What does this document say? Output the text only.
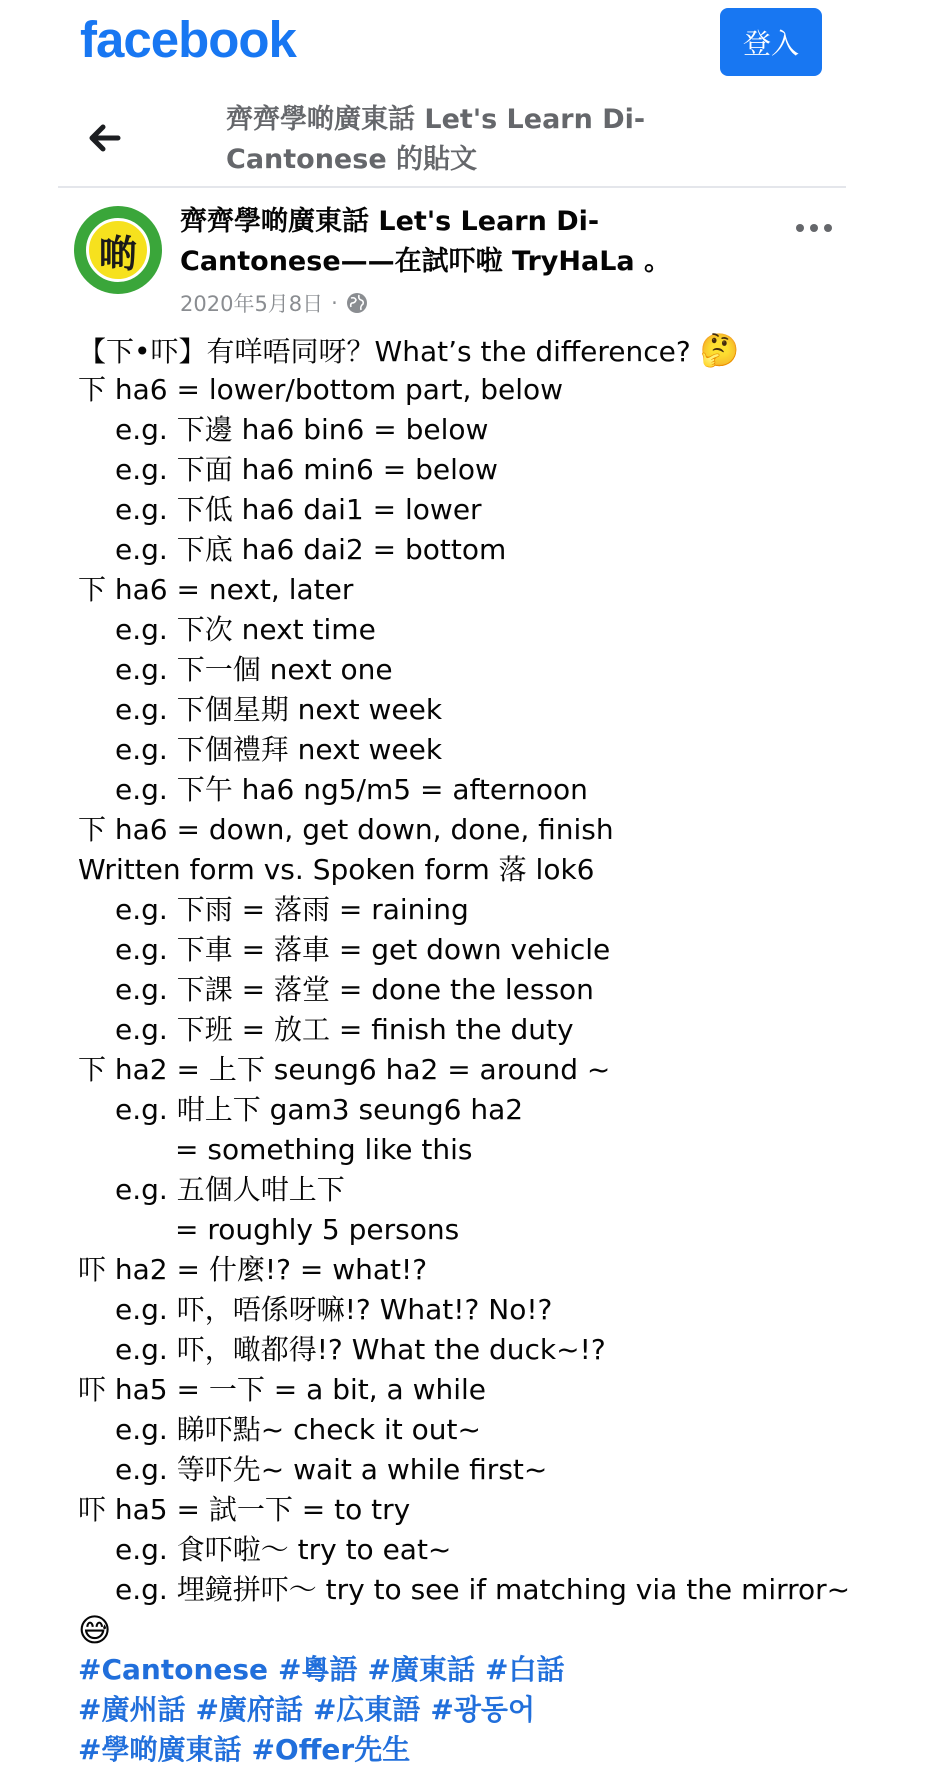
facebook	登入
齊齊學啲廣東話 Let's Learn Di-Cantonese 的貼文
啲
齊齊學啲廣東話 Let's Learn Di-Cantonese——在試吓啦 TryHaLa 。
2020年5月8日 ·
【下•吓】有咩唔同呀？What’s the difference? 🤔
下 ha6 = lower/bottom part, below
e.g. 下邊 ha6 bin6 = below
e.g. 下面 ha6 min6 = below
e.g. 下低 ha6 dai1 = lower
e.g. 下底 ha6 dai2 = bottom
下 ha6 = next, later
e.g. 下次 next time
e.g. 下一個 next one
e.g. 下個星期 next week
e.g. 下個禮拜 next week
e.g. 下午 ha6 ng5/m5 = afternoon
下 ha6 = down, get down, done, finish
Written form vs. Spoken form 落 lok6
e.g. 下雨 = 落雨 = raining
e.g. 下車 = 落車 = get down vehicle
e.g. 下課 = 落堂 = done the lesson
e.g. 下班 = 放工 = finish the duty
下 ha2 = 上下 seung6 ha2 = around ~
e.g. 咁上下 gam3 seung6 ha2
= something like this
e.g. 五個人咁上下
= roughly 5 persons
吓 ha2 = 什麼!? = what!?
e.g. 吓，唔係呀嘛!? What!? No!?
e.g. 吓，噉都得!? What the duck~!?
吓 ha5 = 一下 = a bit, a while
e.g. 睇吓點~ check it out~
e.g. 等吓先~ wait a while first~
吓 ha5 = 試一下 = to try
e.g. 食吓啦～ try to eat~
e.g. 埋鏡拼吓～ try to see if matching via the mirror~
😅
#Cantonese #粵語 #廣東話 #白話
#廣州話 #廣府話 #広東語 #광동어
#學啲廣東話 #Offer先生
